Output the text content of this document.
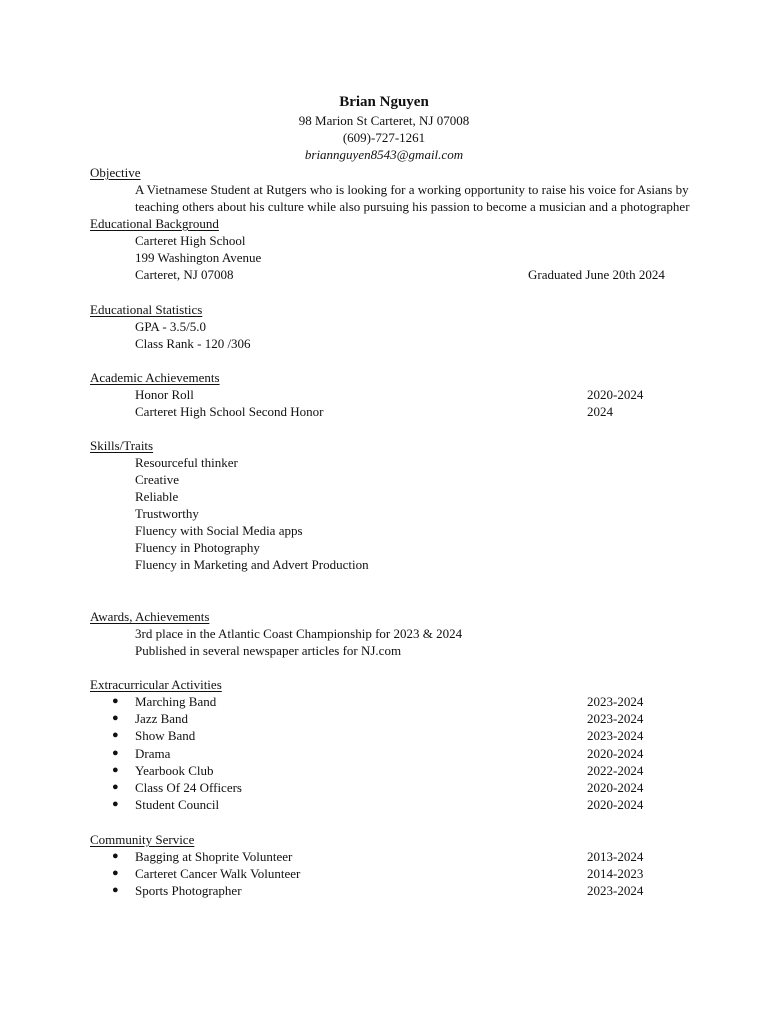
Brian Nguyen
98 Marion St Carteret, NJ 07008
(609)-727-1261
briannguyen8543@gmail.com
Objective
A Vietnamese Student at Rutgers who is looking for a working opportunity to raise his voice for Asians by
teaching others about his culture while also pursuing his passion to become a musician and a photographer
Educational Background
Carteret High School
199 Washington Avenue
Carteret, NJ 07008	Graduated June 20th 2024
Educational Statistics
GPA - 3.5/5.0
Class Rank - 120 /306
Academic Achievements
Honor Roll	2020-2024
Carteret High School Second Honor	2024
Skills/Traits
Resourceful thinker
Creative
Reliable
Trustworthy
Fluency with Social Media apps
Fluency in Photography
Fluency in Marketing and Advert Production
Awards, Achievements
3rd place in the Atlantic Coast Championship for 2023 & 2024
Published in several newspaper articles for NJ.com
Extracurricular Activities
● Marching Band	2023-2024
● Jazz Band	2023-2024
● Show Band	2023-2024
● Drama	2020-2024
● Yearbook Club	2022-2024
● Class Of 24 Officers	2020-2024
● Student Council	2020-2024
Community Service
● Bagging at Shoprite Volunteer	2013-2024
● Carteret Cancer Walk Volunteer	2014-2023
● Sports Photographer	2023-2024
